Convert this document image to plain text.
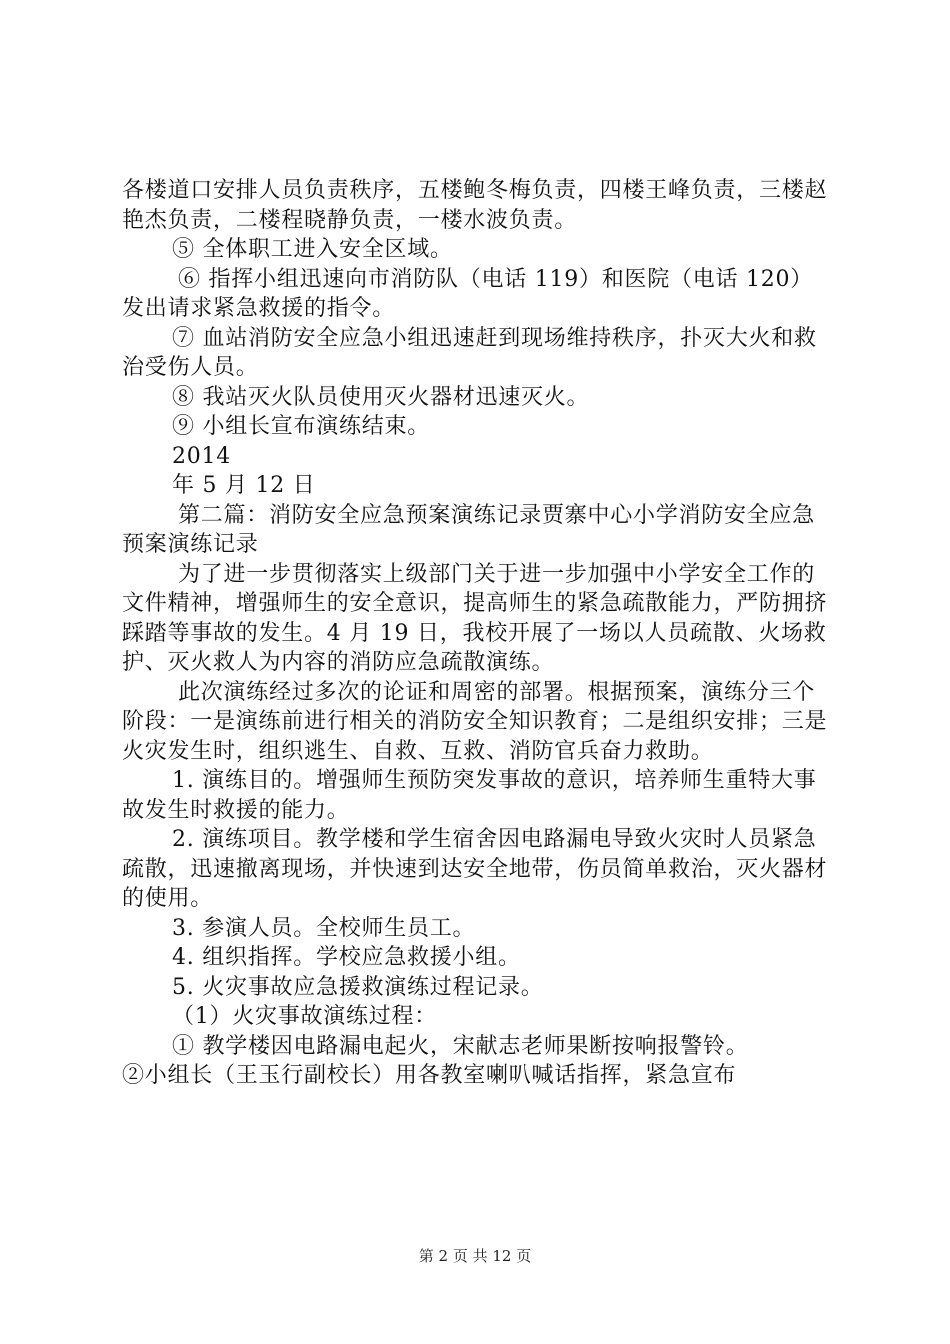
各楼道口安排人员负责秩序，五楼鲍冬梅负责，四楼王峰负责，三楼赵艳杰负责，二楼程晓静负责，一楼水波负责。

⑤ 全体职工进入安全区域。

⑥ 指挥小组迅速向市消防队（电话 119）和医院（电话 120）发出请求紧急救援的指令。

⑦ 血站消防安全应急小组迅速赶到现场维持秩序，扑灭大火和救治受伤人员。

⑧ 我站灭火队员使用灭火器材迅速灭火。

⑨ 小组长宣布演练结束。

2014

年 5 月 12 日

第二篇：消防安全应急预案演练记录贾寨中心小学消防安全应急预案演练记录

为了进一步贯彻落实上级部门关于进一步加强中小学安全工作的文件精神，增强师生的安全意识，提高师生的紧急疏散能力，严防拥挤踩踏等事故的发生。4 月 19 日，我校开展了一场以人员疏散、火场救护、灭火救人为内容的消防应急疏散演练。

此次演练经过多次的论证和周密的部署。根据预案，演练分三个阶段：一是演练前进行相关的消防安全知识教育；二是组织安排；三是火灾发生时，组织逃生、自救、互救、消防官兵奋力救助。

1. 演练目的。增强师生预防突发事故的意识，培养师生重特大事故发生时救援的能力。

2. 演练项目。教学楼和学生宿舍因电路漏电导致火灾时人员紧急疏散，迅速撤离现场，并快速到达安全地带，伤员简单救治，灭火器材的使用。

3. 参演人员。全校师生员工。

4. 组织指挥。学校应急救援小组。

5. 火灾事故应急援救演练过程记录。

（1）火灾事故演练过程：

① 教学楼因电路漏电起火，宋献志老师果断按响报警铃。

②小组长（王玉行副校长）用各教室喇叭喊话指挥，紧急宣布

第 2 页 共 12 页
